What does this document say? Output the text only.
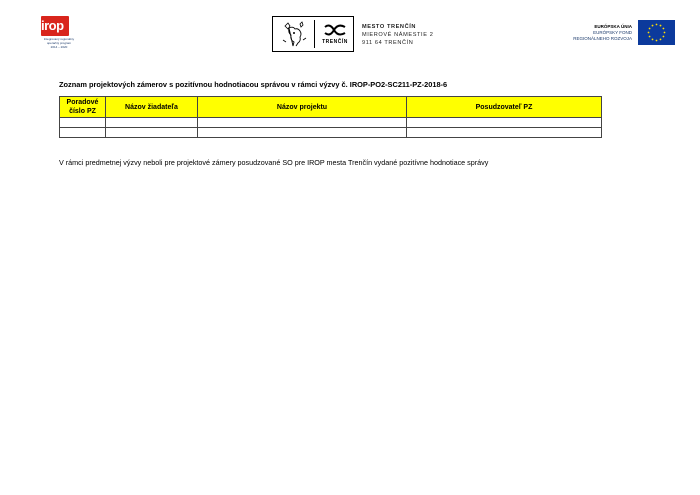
irop
Integrovaný regionálny
operačný program
2014 – 2020
TRENČÍN
MESTO TRENČÍN
MIEROVÉ NÁMESTIE 2
911 64 TRENČÍN
EURÓPSKA ÚNIA
EURÓPSKY FOND
REGIONÁLNEHO ROZVOJA
Zoznam projektových zámerov s pozitívnou hodnotiacou správou v rámci výzvy č. IROP-PO2-SC211-PZ-2018-6
Poradové
číslo PZ	Názov žiadateľa	Názov projektu	Posudzovateľ PZ

V rámci predmetnej výzvy neboli pre projektové zámery posudzované SO pre IROP mesta Trenčín vydané pozitívne hodnotiace správy
